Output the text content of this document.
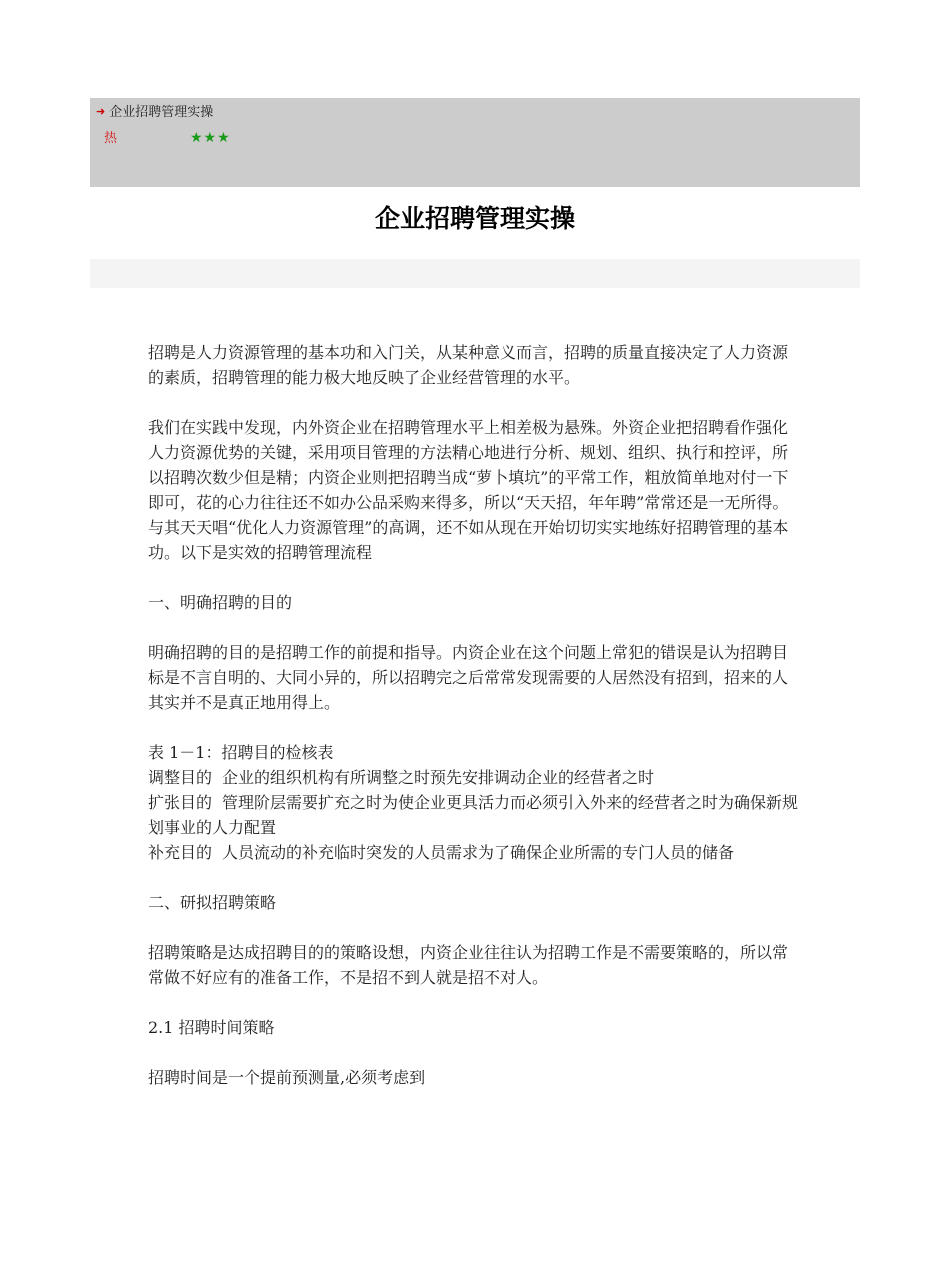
➜ 企业招聘管理实操
热	★★★
企业招聘管理实操

招聘是人力资源管理的基本功和入门关，从某种意义而言，招聘的质量直接决定了人力资源的素质，招聘管理的能力极大地反映了企业经营管理的水平。

我们在实践中发现，内外资企业在招聘管理水平上相差极为悬殊。外资企业把招聘看作强化人力资源优势的关键，采用项目管理的方法精心地进行分析、规划、组织、执行和控评，所以招聘次数少但是精；内资企业则把招聘当成“萝卜填坑”的平常工作，粗放简单地对付一下即可，花的心力往往还不如办公品采购来得多，所以“天天招，年年聘”常常还是一无所得。

与其天天唱“优化人力资源管理”的高调，还不如从现在开始切切实实地练好招聘管理的基本功。以下是实效的招聘管理流程

一、明确招聘的目的

明确招聘的目的是招聘工作的前提和指导。内资企业在这个问题上常犯的错误是认为招聘目标是不言自明的、大同小异的，所以招聘完之后常常发现需要的人居然没有招到，招来的人其实并不是真正地用得上。

表 1－1：招聘目的检核表

调整目的 企业的组织机构有所调整之时预先安排调动企业的经营者之时

扩张目的 管理阶层需要扩充之时为使企业更具活力而必须引入外来的经营者之时为确保新规划事业的人力配置

补充目的 人员流动的补充临时突发的人员需求为了确保企业所需的专门人员的储备

二、研拟招聘策略

招聘策略是达成招聘目的的策略设想，内资企业往往认为招聘工作是不需要策略的，所以常常做不好应有的准备工作，不是招不到人就是招不对人。

2.1 招聘时间策略

招聘时间是一个提前预测量,必须考虑到
